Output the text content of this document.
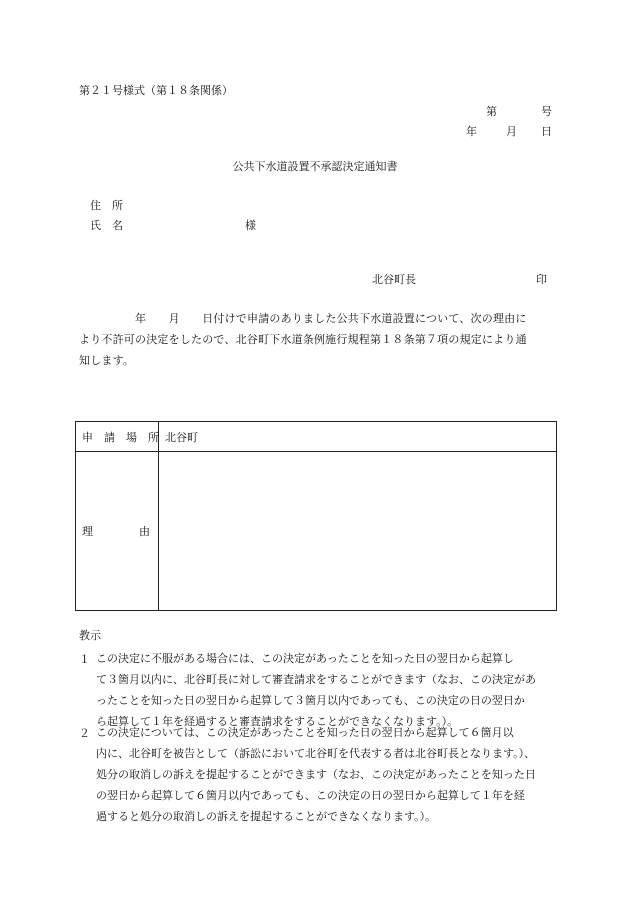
第２１号様式（第１８条関係）
第	号
年	月 日
公共下水道設置不承認決定通知書
住　所
氏　名	様
北谷町長	印
　　　　　年　　月　　日付けで申請のありました公共下水道設置について、次の理由に
より不許可の決定をしたので、北谷町下水道条例施行規程第１８条第７項の規定により通
知します。
申　請　場　所	北谷町

理 由	

教示
１ この決定に不服がある場合には、この決定があったことを知った日の翌日から起算し
て３箇月以内に、北谷町長に対して審査請求をすることができます（なお、この決定があ
ったことを知った日の翌日から起算して３箇月以内であっても、この決定の日の翌日か
ら起算して１年を経過すると審査請求をすることができなくなります。）。
２ この決定については、この決定があったことを知った日の翌日から起算して６箇月以
内に、北谷町を被告として（訴訟において北谷町を代表する者は北谷町長となります。）、
処分の取消しの訴えを提起することができます（なお、この決定があったことを知った日
の翌日から起算して６箇月以内であっても、この決定の日の翌日から起算して１年を経
過すると処分の取消しの訴えを提起することができなくなります。）。
